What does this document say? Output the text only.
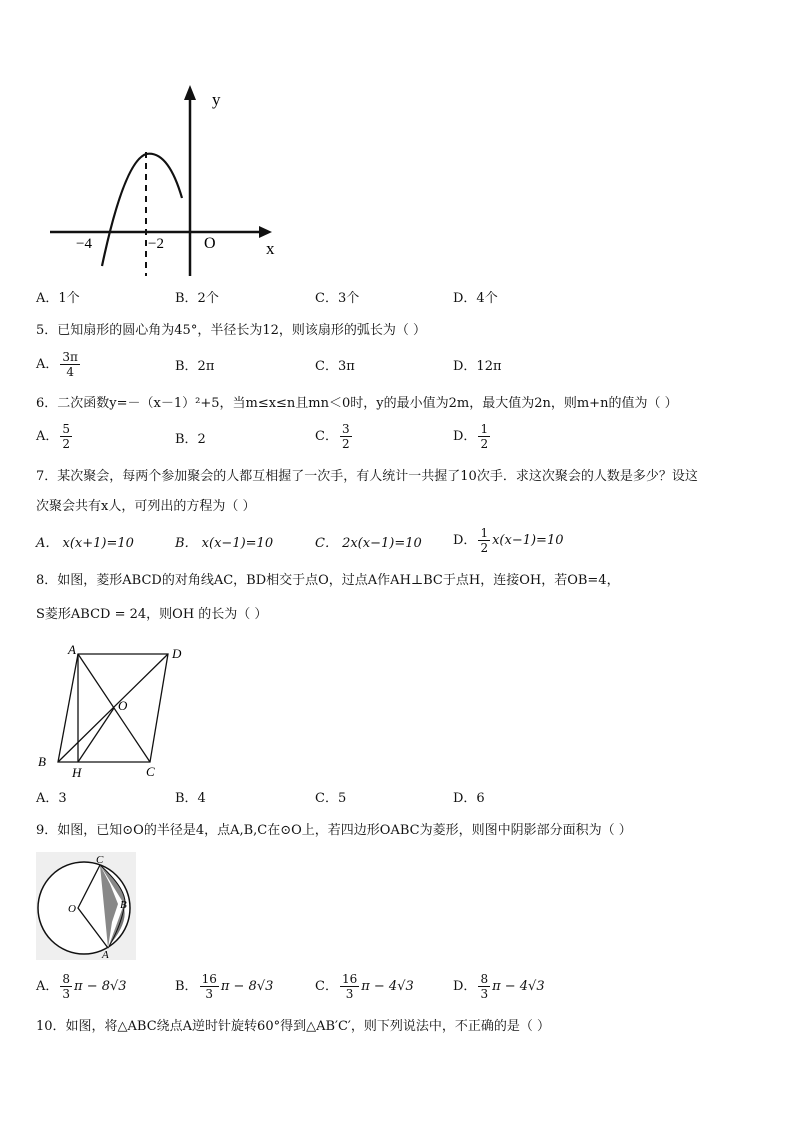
y
x
O
−4	−2
A．1个	B．2个	C．3个	D．4个
5．已知扇形的圆心角为45°，半径长为12，则该扇形的弧长为（ ）
A． $\frac{3\pi}{4}$	B．2π	C．3π	D．12π
6．二次函数y=－（x－1）²+5，当m≤x≤n且mn＜0时，y的最小值为2m，最大值为2n，则m+n的值为（ ）
A． $\frac{5}{2}$	B．2	C． $\frac{3}{2}$	D． $\frac{1}{2}$
7．某次聚会，每两个参加聚会的人都互相握了一次手，有人统计一共握了10次手．求这次聚会的人数是多少？设这
次聚会共有x人，可列出的方程为（ ）
A． x(x+1)=10	B． x(x−1)=10	C． 2x(x−1)=10 D． $\frac{1}{2} x(x-1)=10$
8．如图，菱形ABCD的对角线AC，BD相交于点O，过点A作AH⊥BC于点H，连接OH，若OB=4，
S菱形ABCD = 24，则OH 的长为（ ）
A	D
O
B
H	C
A．3	B．4	C．5	D．6
9．如图，已知⊙O的半径是4，点A,B,C在⊙O上，若四边形OABC为菱形，则图中阴影部分面积为（ ）
C
O	B
A
A． $\frac{8}{3}$ π − 8√3	B． $\frac{16}{3}$ π − 8√3	C． $\frac{16}{3}$ π − 4√3	D． $\frac{8}{3}$ π − 4√3
10．如图，将△ABC绕点A逆时针旋转60°得到△AB′C′，则下列说法中，不正确的是（ ）
